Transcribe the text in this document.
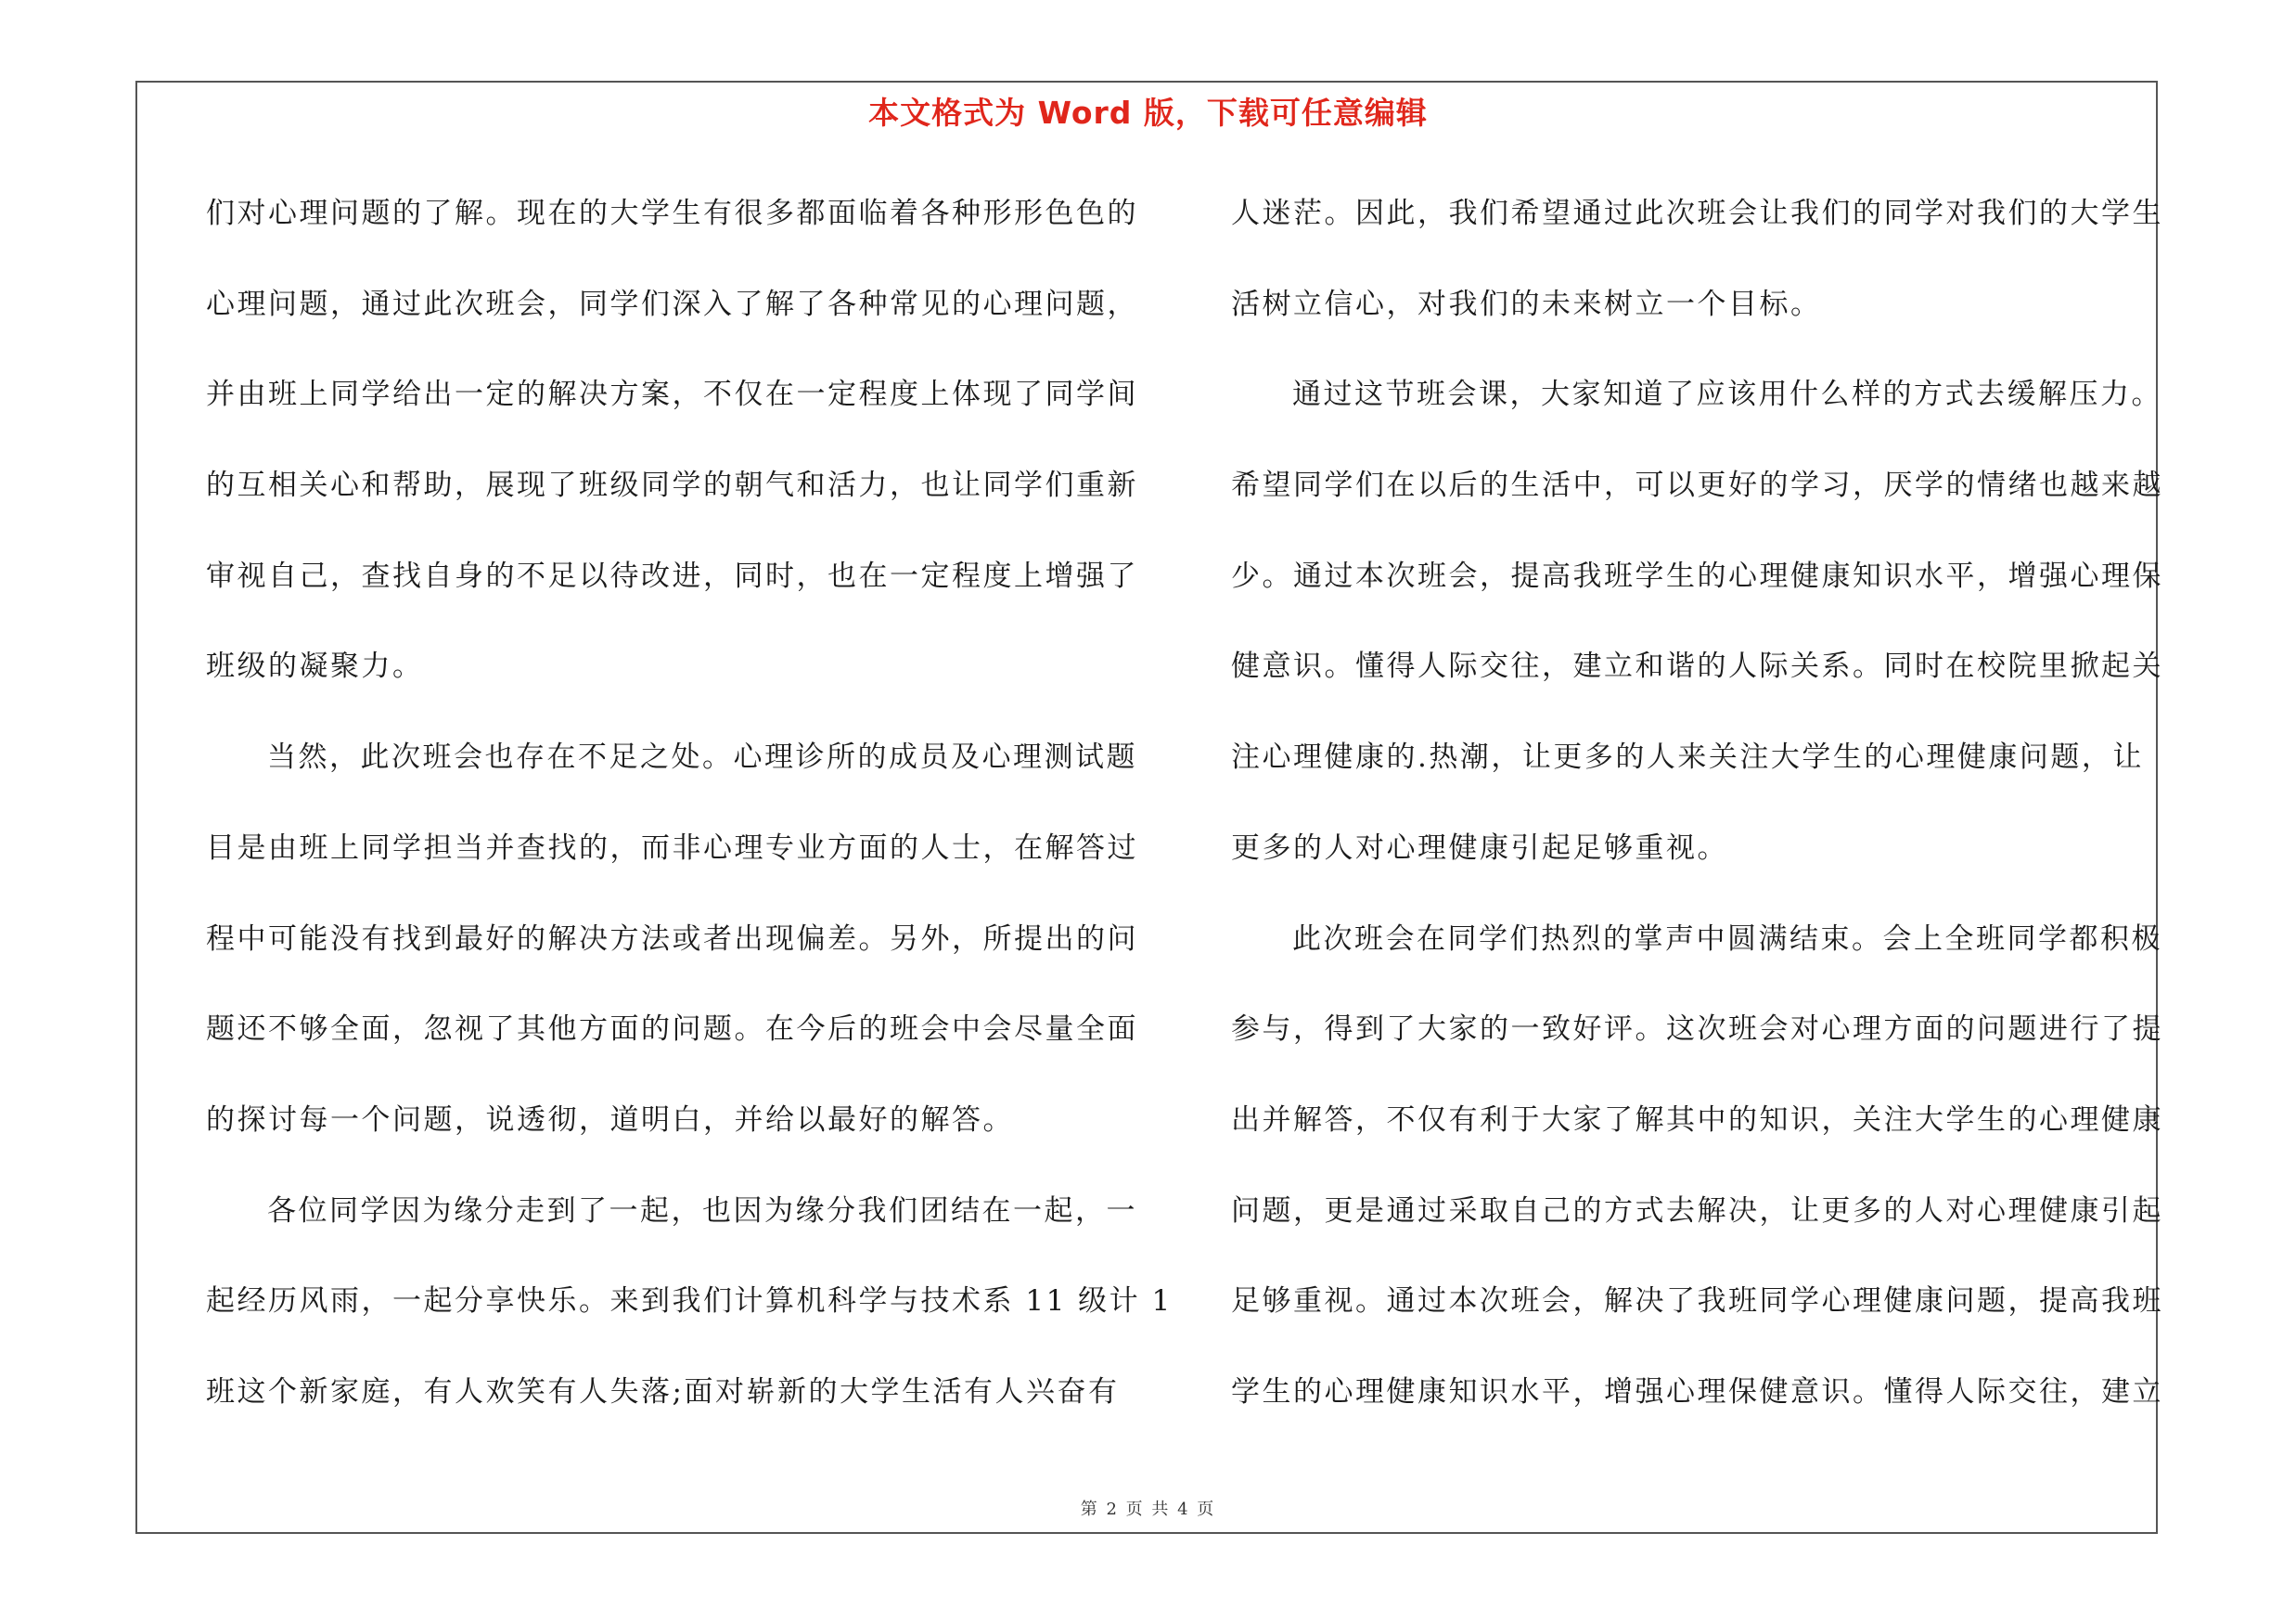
本文格式为 Word 版，下载可任意编辑
们对心理问题的了解。现在的大学生有很多都面临着各种形形色色的
心理问题，通过此次班会，同学们深入了解了各种常见的心理问题，
并由班上同学给出一定的解决方案，不仅在一定程度上体现了同学间
的互相关心和帮助，展现了班级同学的朝气和活力，也让同学们重新
审视自己，查找自身的不足以待改进，同时，也在一定程度上增强了
班级的凝聚力。
当然，此次班会也存在不足之处。心理诊所的成员及心理测试题
目是由班上同学担当并查找的，而非心理专业方面的人士，在解答过
程中可能没有找到最好的解决方法或者出现偏差。另外，所提出的问
题还不够全面，忽视了其他方面的问题。在今后的班会中会尽量全面
的探讨每一个问题，说透彻，道明白，并给以最好的解答。
各位同学因为缘分走到了一起，也因为缘分我们团结在一起，一
起经历风雨，一起分享快乐。来到我们计算机科学与技术系 11 级计 1
班这个新家庭，有人欢笑有人失落;面对崭新的大学生活有人兴奋有
人迷茫。因此，我们希望通过此次班会让我们的同学对我们的大学生
活树立信心，对我们的未来树立一个目标。
通过这节班会课，大家知道了应该用什么样的方式去缓解压力。
希望同学们在以后的生活中，可以更好的学习，厌学的情绪也越来越
少。通过本次班会，提高我班学生的心理健康知识水平，增强心理保
健意识。懂得人际交往，建立和谐的人际关系。同时在校院里掀起关
注心理健康的.热潮，让更多的人来关注大学生的心理健康问题，让
更多的人对心理健康引起足够重视。
此次班会在同学们热烈的掌声中圆满结束。会上全班同学都积极
参与，得到了大家的一致好评。这次班会对心理方面的问题进行了提
出并解答，不仅有利于大家了解其中的知识，关注大学生的心理健康
问题，更是通过采取自己的方式去解决，让更多的人对心理健康引起
足够重视。通过本次班会，解决了我班同学心理健康问题，提高我班
学生的心理健康知识水平，增强心理保健意识。懂得人际交往，建立
第 2 页 共 4 页
